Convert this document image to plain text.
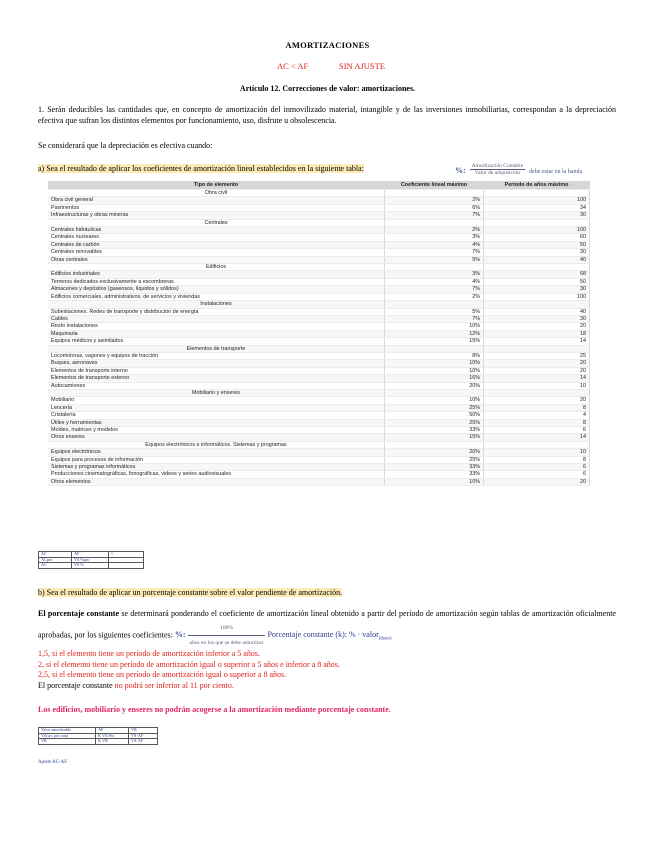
AMORTIZACIONES
AC < AF	SIN AJUSTE
Artículo 12. Correcciones de valor: amortizaciones.
1. Serán deducibles las cantidades que, en concepto de amortización del inmovilizado material, intangible y de las inversiones inmobiliarias, correspondan a la depreciación efectiva que sufran los distintos elementos por funcionamiento, uso, disfrute u obsolescencia.
Se considerará que la depreciación es efectiva cuando:
a) Sea el resultado de aplicar los coeficientes de amortización lineal establecidos en la siguiente tabla:	%: $\frac{\text{Amortización Contable}}{\text{Valor de adquisición}}$ debe estar en la banda
Tipo de elemento	Coeficiente lineal máximo	Período de años máximo
Obra civil		
Obra civil general	2%	100
Pavimentos	6%	34
Infraestructuras y obras mineras	7%	30
Centrales		
Centrales hidráulicas	2%	100
Centrales nucleares	3%	60
Centrales de carbón	4%	50
Centrales renovables	7%	30
Otras centrales	5%	40
Edificios		
Edificios industriales	3%	68
Terrenos dedicados exclusivamente a escombreras	4%	50
Almacenes y depósitos (gaseosos, líquidos y sólidos)	7%	30
Edificios comerciales, administrativos, de servicios y viviendas	2%	100
Instalaciones		
Subestaciones. Redes de transporte y distribución de energía	5%	40
Cables	7%	30
Resto instalaciones	10%	20
Maquinaria	12%	18
Equipos médicos y asimilados	15%	14
Elementos de transporte		
Locomotoras, vagones y equipos de tracción	8%	25
Buques, aeronaves	10%	20
Elementos de transporte interno	10%	20
Elementos de transporte externo	16%	14
Autocamiones	20%	10
Mobiliario y enseres		
Mobiliario	10%	20
Lencería	25%	8
Cristalería	50%	4
Útiles y herramientas	25%	8
Moldes, matrices y modelos	33%	6
Otros enseres	15%	14
Equipos electrónicos e informáticos. Sistemas y programas		
Equipos electrónicos	20%	10
Equipos para procesos de información	25%	8
Sistemas y programas informáticos.	33%	6
Producciones cinematográficas, fonográficas, videos y series audiovisuales	33%	6
Otros elementos	10%	20
AC	AF	\/
ACpro	VA %pro	
AC	VA %	
b) Sea el resultado de aplicar un porcentaje constante sobre el valor pendiente de amortización.
El porcentaje constante se determinará ponderando el coeficiente de amortización lineal obtenido a partir del período de amortización según tablas de amortización oficialmente aprobadas, por los siguientes coeficientes: %: $\frac{100\%}{\text{años en los que se debe amortizar}}$ Porcentaje constante (k): % · valor$_{(doso)}$
1,5, si el elemento tiene un período de amortización inferior a 5 años.
2, si el elemento tiene un período de amortización igual o superior a 5 años e inferior a 8 años.
2,5, si el elemento tiene un período de amortización igual o superior a 8 años.
El porcentaje constante no podrá ser inferior al 11 por ciento.
Los edificios, mobiliario y enseres no podrán acogerse a la amortización mediante porcentaje constante.
Valor amortizable	AF	VR
VA(a/c pro rata)	K VA Pro	VA-AF
VR	K VR	VA-AF
Ajuste AC-AF
